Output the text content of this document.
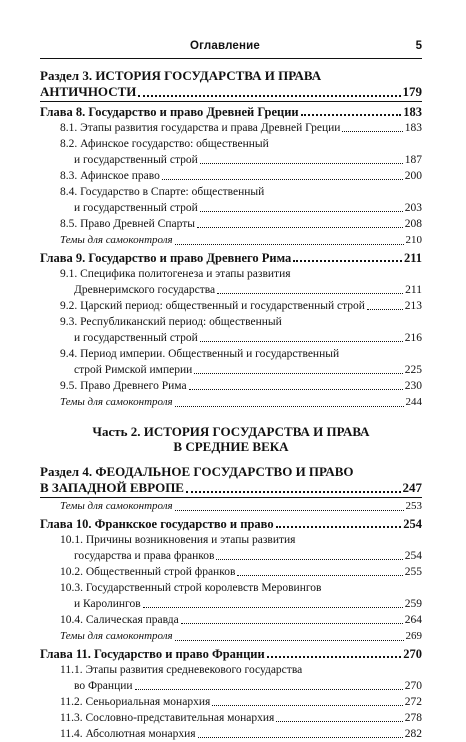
Оглавление	5
Раздел 3. ИСТОРИЯ ГОСУДАРСТВА И ПРАВА
АНТИЧНОСТИ	179
Глава 8. Государство и право Древней Греции	183
8.1. Этапы развития государства и права Древней Греции	183
8.2. Афинское государство: общественный
и государственный строй	187
8.3. Афинское право	200
8.4. Государство в Спарте: общественный
и государственный строй	203
8.5. Право Древней Спарты	208
Темы для самоконтроля	210
Глава 9. Государство и право Древнего Рима	211
9.1. Специфика политогенеза и этапы развития
Древнеримского государства	211
9.2. Царский период: общественный и государственный строй	213
9.3. Республиканский период: общественный
и государственный строй	216
9.4. Период империи. Общественный и государственный
строй Римской империи	225
9.5. Право Древнего Рима	230
Темы для самоконтроля	244
Часть 2. ИСТОРИЯ ГОСУДАРСТВА И ПРАВА
В СРЕДНИЕ ВЕКА
Раздел 4. ФЕОДАЛЬНОЕ ГОСУДАРСТВО И ПРАВО
В ЗАПАДНОЙ ЕВРОПЕ	247
Темы для самоконтроля	253
Глава 10. Франкское государство и право	254
10.1. Причины возникновения и этапы развития
государства и права франков	254
10.2. Общественный строй франков	255
10.3. Государственный строй королевств Меровингов
и Каролингов	259
10.4. Салическая правда	264
Темы для самоконтроля	269
Глава 11. Государство и право Франции	270
11.1. Этапы развития средневекового государства
во Франции	270
11.2. Сеньориальная монархия	272
11.3. Сословно-представительная монархия	278
11.4. Абсолютная монархия	282
